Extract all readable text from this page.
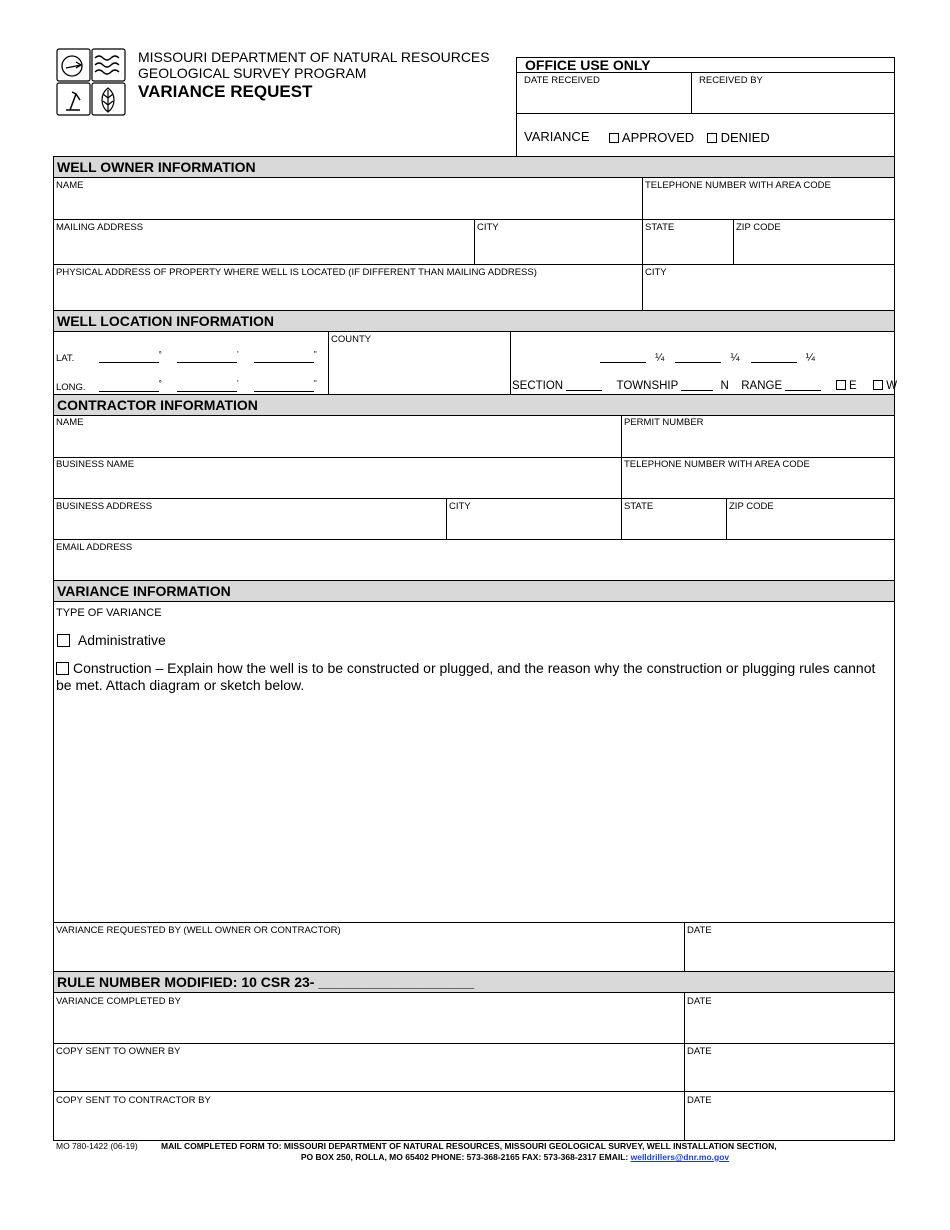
MISSOURI DEPARTMENT OF NATURAL RESOURCES
GEOLOGICAL SURVEY PROGRAM
VARIANCE REQUEST
OFFICE USE ONLY
DATE RECEIVED	RECEIVED BY
VARIANCE	APPROVED	DENIED
WELL OWNER INFORMATION
NAME	TELEPHONE NUMBER WITH AREA CODE
MAILING ADDRESS	CITY	STATE	ZIP CODE
PHYSICAL ADDRESS OF PROPERTY WHERE WELL IS LOCATED (IF DIFFERENT THAN MAILING ADDRESS)	CITY
WELL LOCATION INFORMATION
COUNTY
LAT.	°	'	"
LONG.	°	'	"
¼	¼	¼
SECTION	TOWNSHIP	N RANGE	E	W
CONTRACTOR INFORMATION
NAME	PERMIT NUMBER
BUSINESS NAME	TELEPHONE NUMBER WITH AREA CODE
BUSINESS ADDRESS	CITY	STATE	ZIP CODE
EMAIL ADDRESS
VARIANCE INFORMATION
TYPE OF VARIANCE
Administrative
Construction – Explain how the well is to be constructed or plugged, and the reason why the construction or plugging rules cannot be met. Attach diagram or sketch below.
VARIANCE REQUESTED BY (WELL OWNER OR CONTRACTOR)	DATE
RULE NUMBER MODIFIED: 10 CSR 23- ____________________
VARIANCE COMPLETED BY	DATE
COPY SENT TO OWNER BY	DATE
COPY SENT TO CONTRACTOR BY	DATE
MO 780-1422 (06-19)	MAIL COMPLETED FORM TO: MISSOURI DEPARTMENT OF NATURAL RESOURCES, MISSOURI GEOLOGICAL SURVEY, WELL INSTALLATION SECTION,
PO BOX 250, ROLLA, MO 65402 PHONE: 573-368-2165 FAX: 573-368-2317 EMAIL: welldrillers@dnr.mo.gov
